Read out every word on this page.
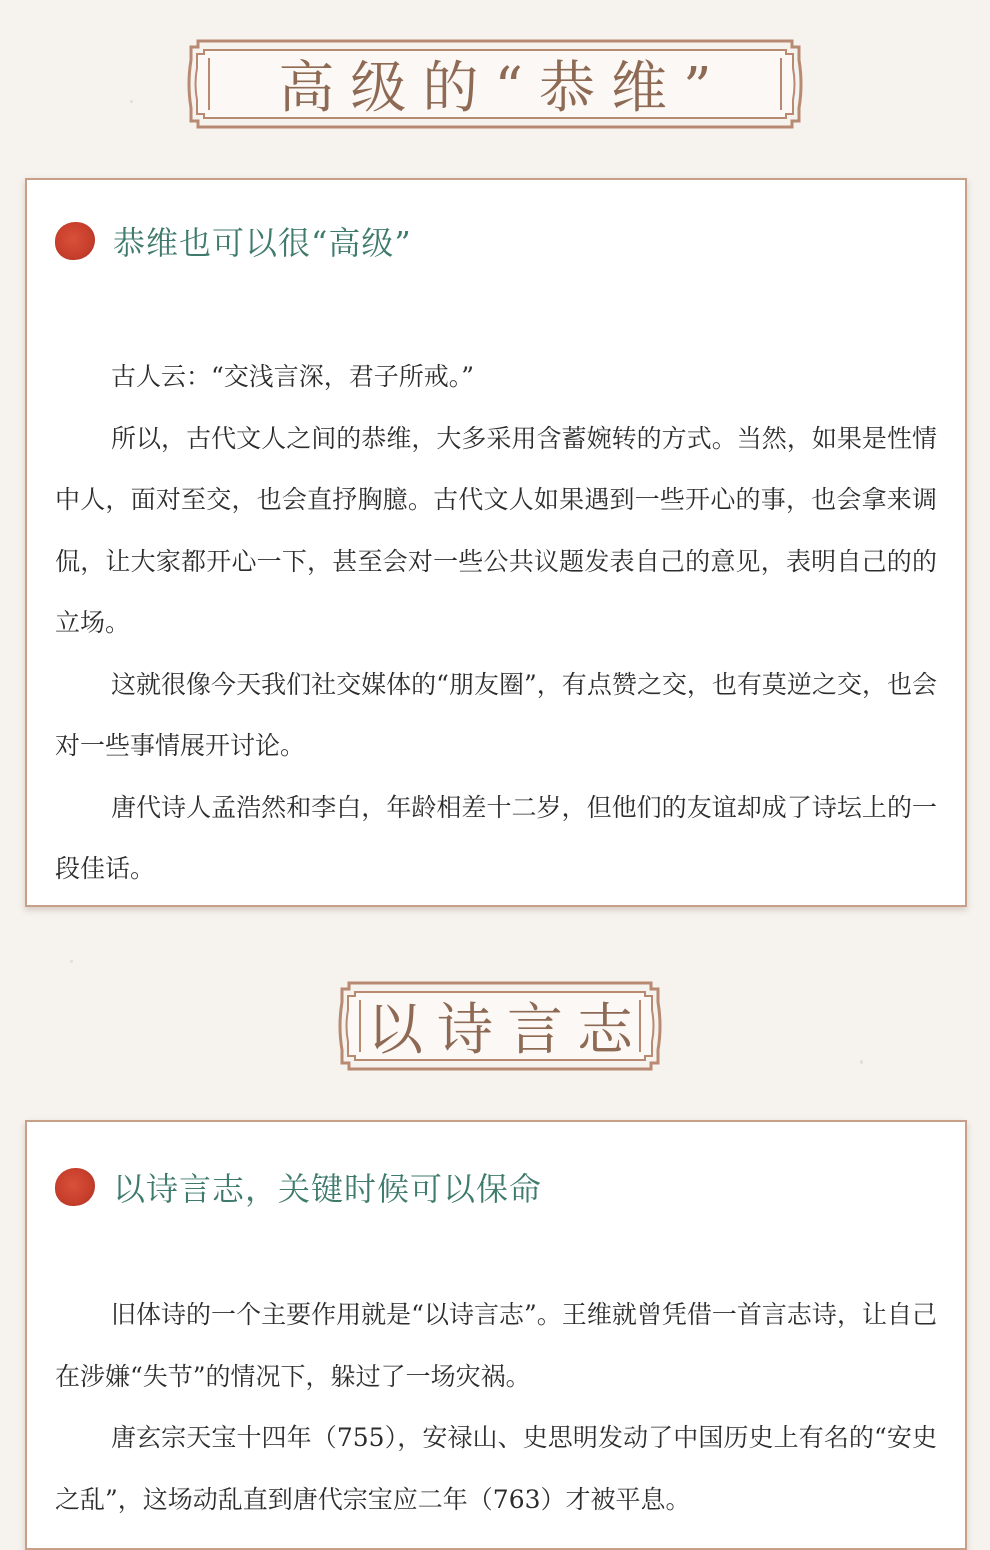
高级的“恭维”
恭维也可以很“高级”

古人云：“交浅言深，君子所戒。”

所以，古代文人之间的恭维，大多采用含蓄婉转的方式。当然，如果是性情中人，面对至交，也会直抒胸臆。古代文人如果遇到一些开心的事，也会拿来调侃，让大家都开心一下，甚至会对一些公共议题发表自己的意见，表明自己的的立场。

这就很像今天我们社交媒体的“朋友圈”，有点赞之交，也有莫逆之交，也会对一些事情展开讨论。

唐代诗人孟浩然和李白，年龄相差十二岁，但他们的友谊却成了诗坛上的一段佳话。

以诗言志
以诗言志，关键时候可以保命

旧体诗的一个主要作用就是“以诗言志”。王维就曾凭借一首言志诗，让自己在涉嫌“失节”的情况下，躲过了一场灾祸。

唐玄宗天宝十四年（755），安禄山、史思明发动了中国历史上有名的“安史之乱”，这场动乱直到唐代宗宝应二年（763）才被平息。
